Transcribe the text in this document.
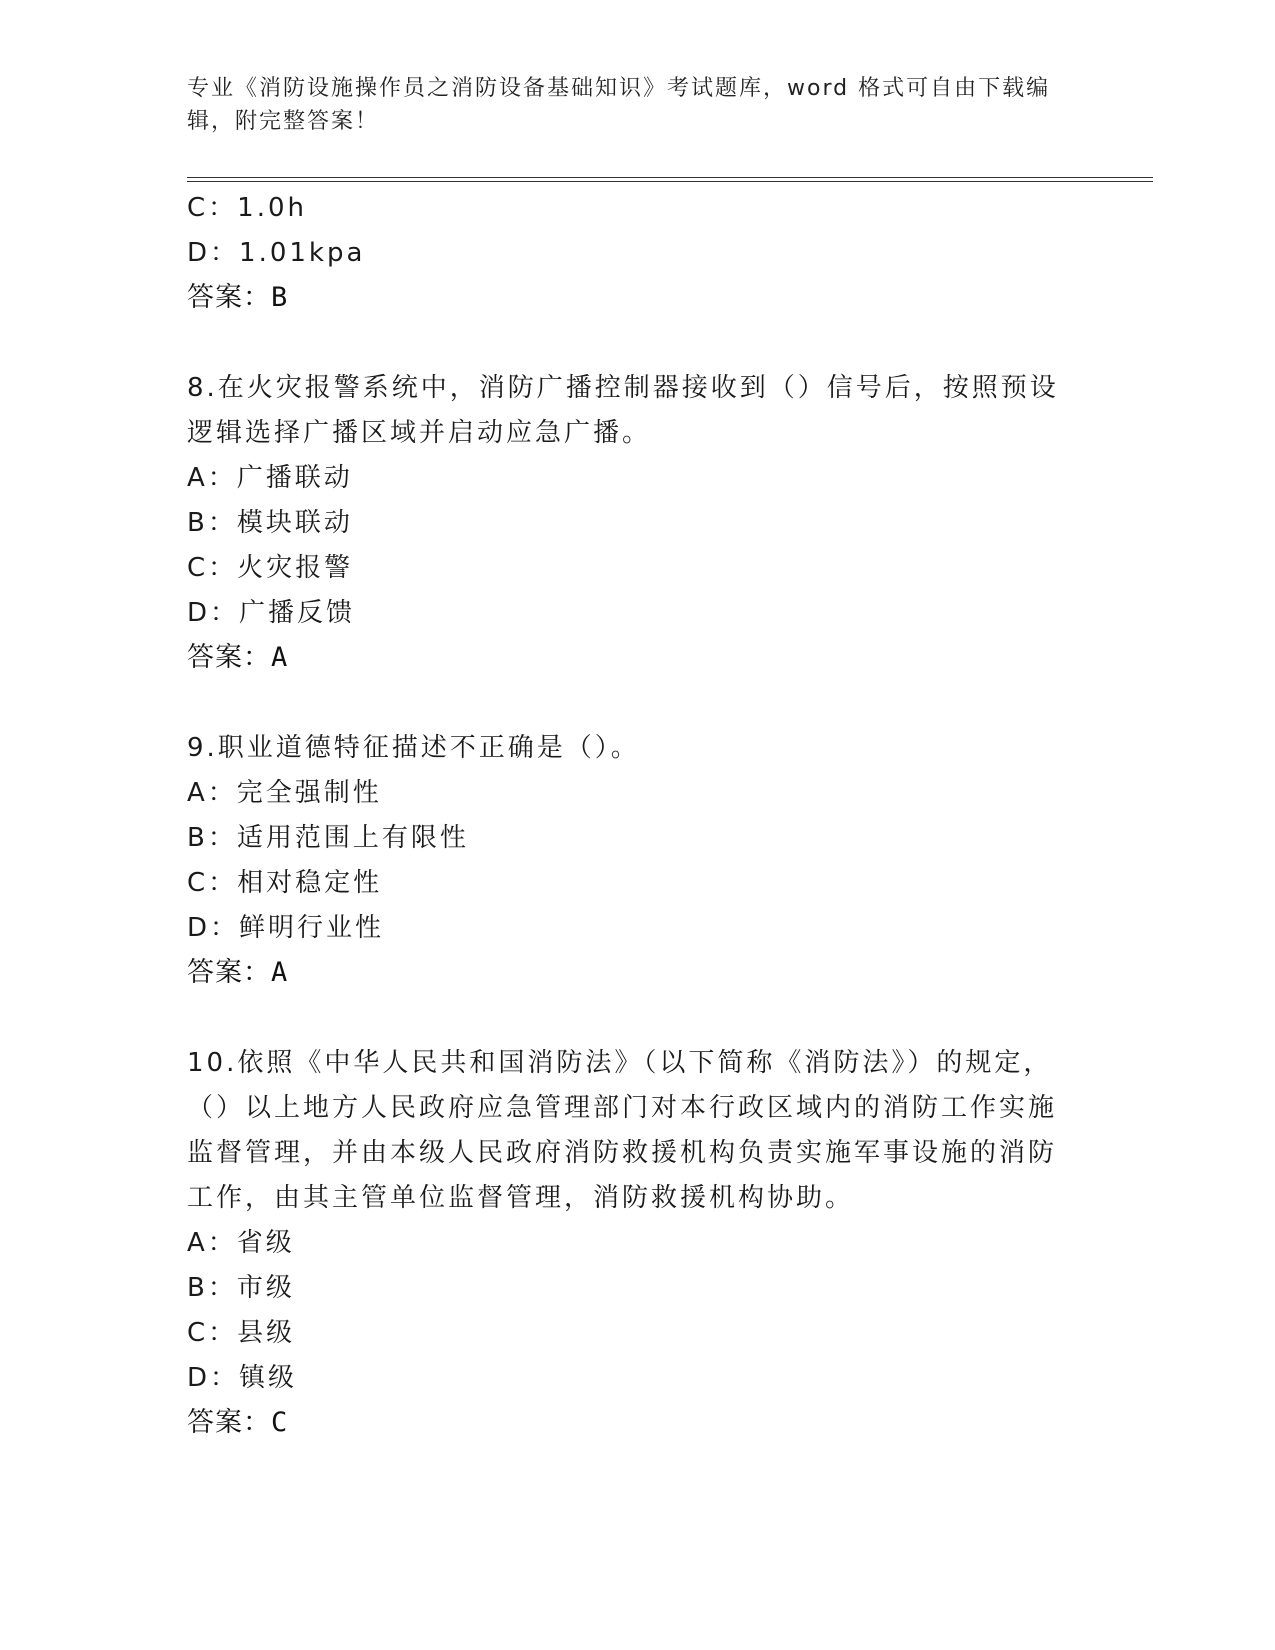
专业《消防设施操作员之消防设备基础知识》考试题库，word 格式可自由下载编
辑，附完整答案！
C：1.0h
D：1.01kpa
答案：B
8.在火灾报警系统中，消防广播控制器接收到（）信号后，按照预设
逻辑选择广播区域并启动应急广播。
A：广播联动
B：模块联动
C：火灾报警
D：广播反馈
答案：A
9.职业道德特征描述不正确是（）。
A：完全强制性
B：适用范围上有限性
C：相对稳定性
D：鲜明行业性
答案：A
10.依照《中华人民共和国消防法》（以下简称《消防法》）的规定，
（）以上地方人民政府应急管理部门对本行政区域内的消防工作实施
监督管理，并由本级人民政府消防救援机构负责实施军事设施的消防
工作，由其主管单位监督管理，消防救援机构协助。
A：省级
B：市级
C：县级
D：镇级
答案：C
